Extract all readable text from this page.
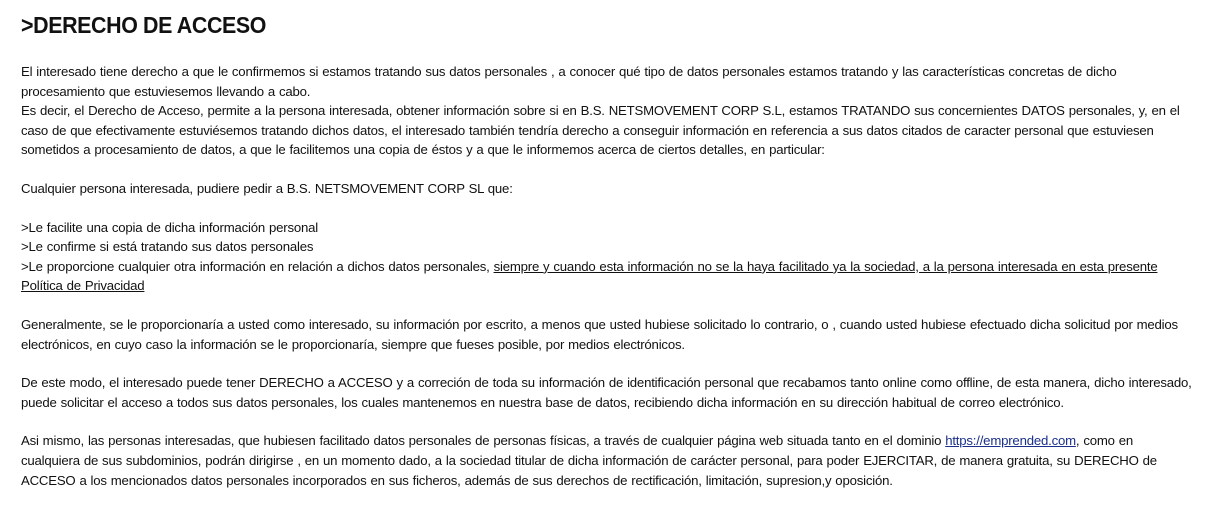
>DERECHO DE ACCESO

El interesado tiene derecho a que le confirmemos si estamos tratando sus datos personales , a conocer qué tipo de datos personales estamos tratando y las características concretas de dicho procesamiento que estuviesemos llevando a cabo.
Es decir, el Derecho de Acceso, permite a la persona interesada, obtener información sobre si en B.S. NETSMOVEMENT CORP S.L, estamos TRATANDO sus concernientes DATOS personales, y, en el caso de que efectivamente estuviésemos tratando dichos datos, el interesado también tendría derecho a conseguir información en referencia a sus datos citados de caracter personal que estuviesen sometidos a procesamiento de datos, a que le facilitemos una copia de éstos y a que le informemos acerca de ciertos detalles, en particular:

Cualquier persona interesada, pudiere pedir a B.S. NETSMOVEMENT CORP SL que:

>Le facilite una copia de dicha información personal
>Le confirme si está tratando sus datos personales
>Le proporcione cualquier otra información en relación a dichos datos personales, siempre y cuando esta información no se la haya facilitado ya la sociedad, a la persona interesada en esta presente Política de Privacidad

Generalmente, se le proporcionaría a usted como interesado, su información por escrito, a menos que usted hubiese solicitado lo contrario, o , cuando usted hubiese efectuado dicha solicitud por medios electrónicos, en cuyo caso la información se le proporcionaría, siempre que fueses posible, por medios electrónicos.

De este modo, el interesado puede tener DERECHO a ACCESO y a correción de toda su información de identificación personal que recabamos tanto online como offline, de esta manera, dicho interesado, puede solicitar el acceso a todos sus datos personales, los cuales mantenemos en nuestra base de datos, recibiendo dicha información en su dirección habitual de correo electrónico.

Asi mismo, las personas interesadas, que hubiesen facilitado datos personales de personas físicas, a través de cualquier página web situada tanto en el dominio https://emprended.com, como en cualquiera de sus subdominios, podrán dirigirse , en un momento dado, a la sociedad titular de dicha información de carácter personal, para poder EJERCITAR, de manera gratuita, su DERECHO de ACCESO a los mencionados datos personales incorporados en sus ficheros, además de sus derechos de rectificación, limitación, supresion,y oposición.
